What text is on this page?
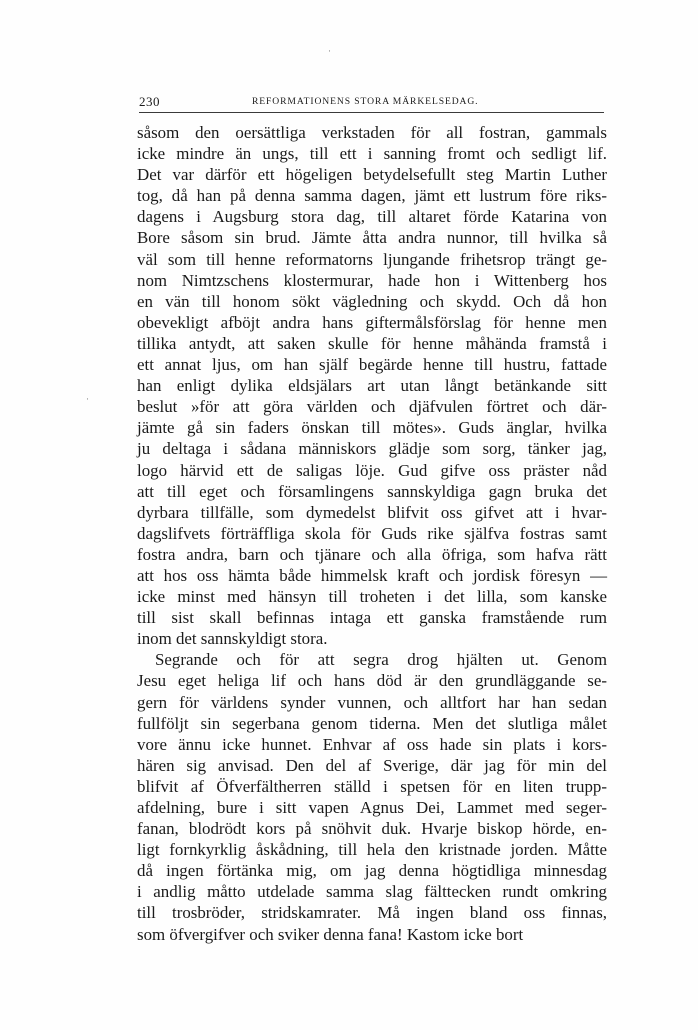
230	REFORMATIONENS STORA MÄRKELSEDAG.
såsom den oersättliga verkstaden för all fostran, gammals
icke mindre än ungs, till ett i sanning fromt och sedligt lif.
Det var därför ett högeligen betydelsefullt steg Martin Luther
tog, då han på denna samma dagen, jämt ett lustrum före riks-
dagens i Augsburg stora dag, till altaret förde Katarina von
Bore såsom sin brud. Jämte åtta andra nunnor, till hvilka så
väl som till henne reformatorns ljungande frihetsrop trängt ge-
nom Nimtzschens klostermurar, hade hon i Wittenberg hos
en vän till honom sökt vägledning och skydd. Och då hon
obevekligt afböjt andra hans giftermålsförslag för henne men
tillika antydt, att saken skulle för henne måhända framstå i
ett annat ljus, om han själf begärde henne till hustru, fattade
han enligt dylika eldsjälars art utan långt betänkande sitt
beslut »för att göra världen och djäfvulen förtret och där-
jämte gå sin faders önskan till mötes». Guds änglar, hvilka
ju deltaga i sådana människors glädje som sorg, tänker jag,
logo härvid ett de saligas löje. Gud gifve oss präster nåd
att till eget och församlingens sannskyldiga gagn bruka det
dyrbara tillfälle, som dymedelst blifvit oss gifvet att i hvar-
dagslifvets förträffliga skola för Guds rike själfva fostras samt
fostra andra, barn och tjänare och alla öfriga, som hafva rätt
att hos oss hämta både himmelsk kraft och jordisk föresyn —
icke minst med hänsyn till troheten i det lilla, som kanske
till sist skall befinnas intaga ett ganska framstående rum
inom det sannskyldigt stora.
Segrande och för att segra drog hjälten ut. Genom
Jesu eget heliga lif och hans död är den grundläggande se-
gern för världens synder vunnen, och alltfort har han sedan
fullföljt sin segerbana genom tiderna. Men det slutliga målet
vore ännu icke hunnet. Enhvar af oss hade sin plats i kors-
hären sig anvisad. Den del af Sverige, där jag för min del
blifvit af Öfverfältherren ställd i spetsen för en liten trupp-
afdelning, bure i sitt vapen Agnus Dei, Lammet med seger-
fanan, blodrödt kors på snöhvit duk. Hvarje biskop hörde, en-
ligt fornkyrklig åskådning, till hela den kristnade jorden. Måtte
då ingen förtänka mig, om jag denna högtidliga minnesdag
i andlig måtto utdelade samma slag fälttecken rundt omkring
till trosbröder, stridskamrater. Må ingen bland oss finnas,
som öfvergifver och sviker denna fana! Kastom icke bort
·
·
